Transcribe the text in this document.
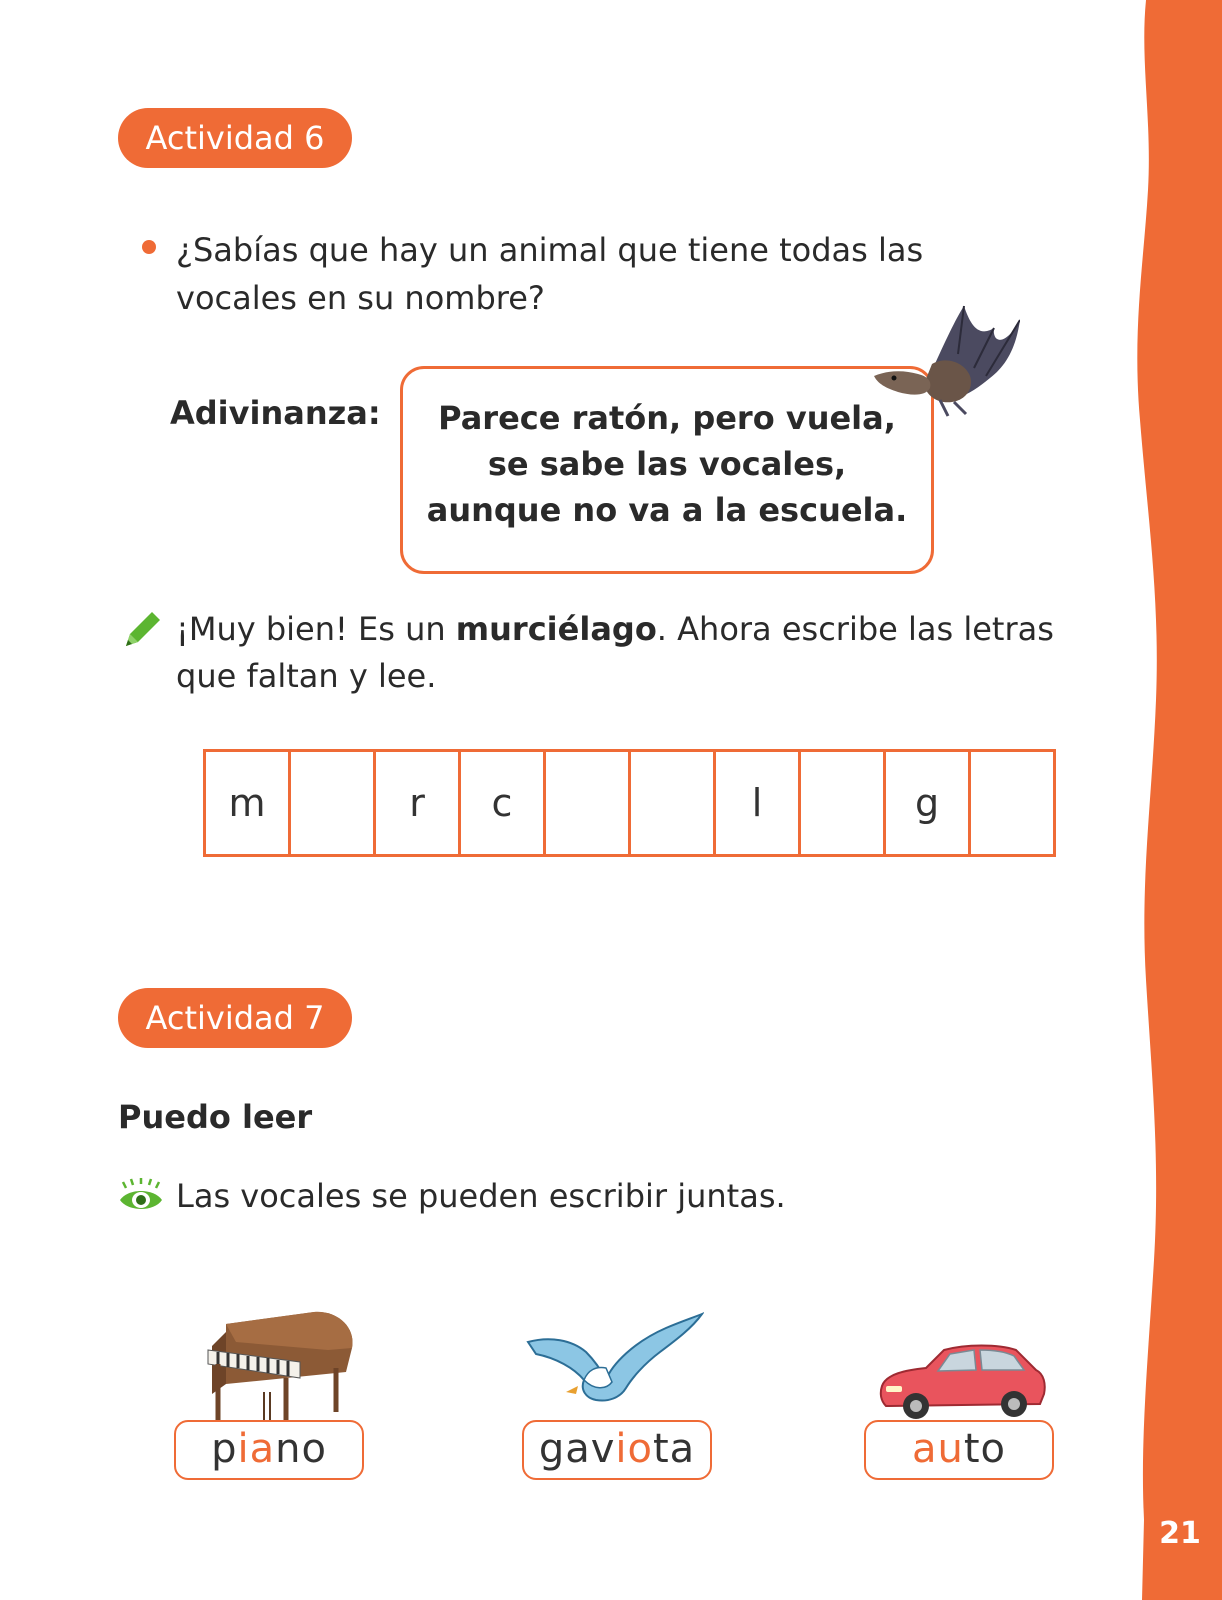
21
Actividad 6
¿Sabías que hay un animal que tiene todas las vocales en su nombre?
Adivinanza:	Parece ratón, pero vuela,
se sabe las vocales,
aunque no va a la escuela.
¡Muy bien! Es un murciélago. Ahora escribe las letras que faltan y lee.
m	r	c	l	g
Actividad 7
Puedo leer
Las vocales se pueden escribir juntas.
piano	gaviota	auto
